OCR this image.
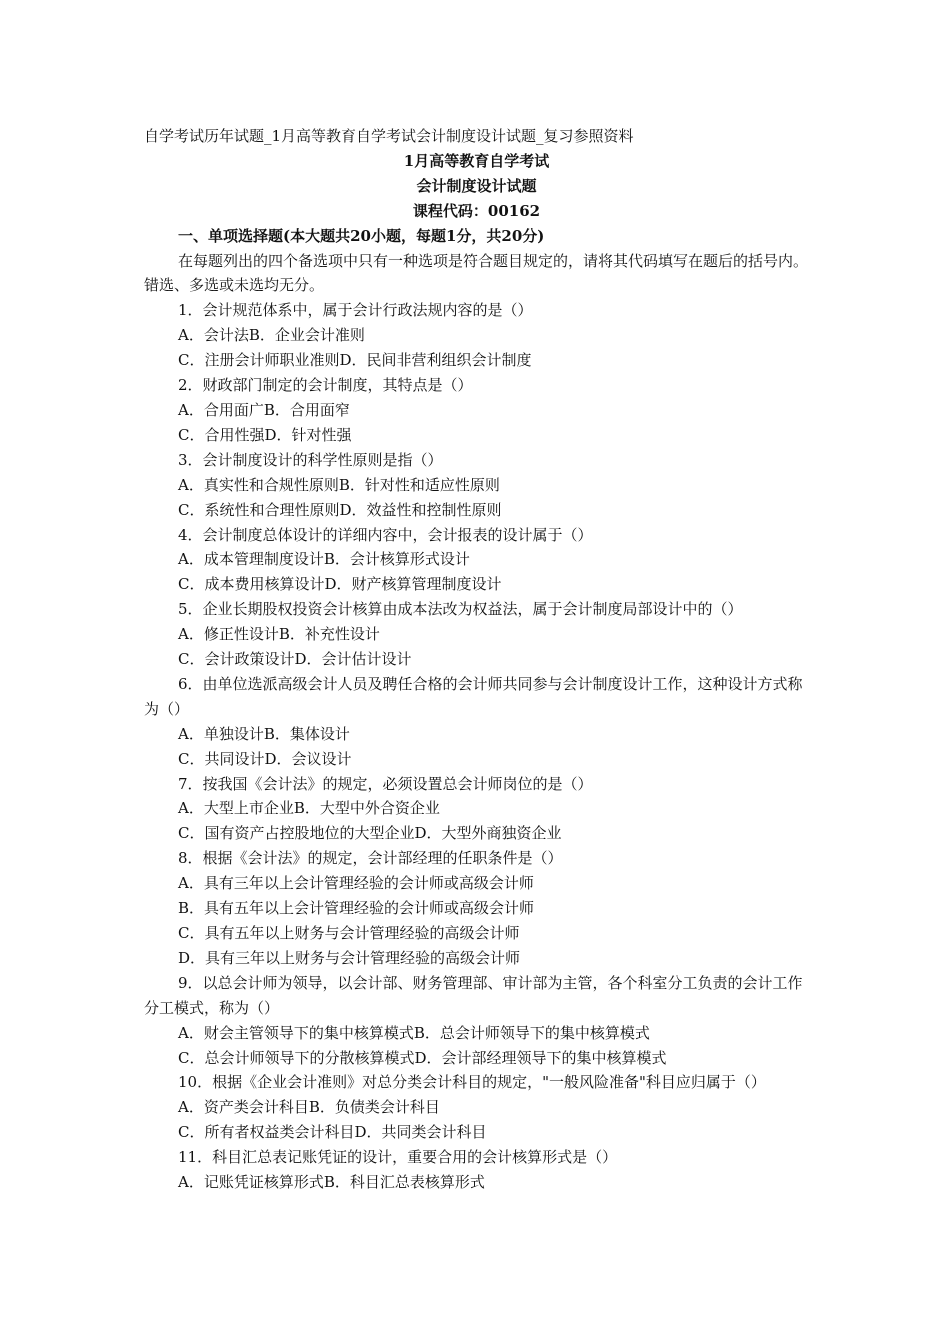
自学考试历年试题_1月高等教育自学考试会计制度设计试题_复习参照资料
1月高等教育自学考试
会计制度设计试题
课程代码：00162
一、单项选择题(本大题共20小题，每题1分，共20分)
在每题列出的四个备选项中只有一种选项是符合题目规定的，请将其代码填写在题后的括号内。错选、多选或未选均无分。
1．会计规范体系中，属于会计行政法规内容的是（）
A．会计法B．企业会计准则
C．注册会计师职业准则D．民间非营利组织会计制度
2．财政部门制定的会计制度，其特点是（）
A．合用面广B．合用面窄
C．合用性强D．针对性强
3．会计制度设计的科学性原则是指（）
A．真实性和合规性原则B．针对性和适应性原则
C．系统性和合理性原则D．效益性和控制性原则
4．会计制度总体设计的详细内容中，会计报表的设计属于（）
A．成本管理制度设计B．会计核算形式设计
C．成本费用核算设计D．财产核算管理制度设计
5．企业长期股权投资会计核算由成本法改为权益法，属于会计制度局部设计中的（）
A．修正性设计B．补充性设计
C．会计政策设计D．会计估计设计
6．由单位选派高级会计人员及聘任合格的会计师共同参与会计制度设计工作，这种设计方式称为（）
A．单独设计B．集体设计
C．共同设计D．会议设计
7．按我国《会计法》的规定，必须设置总会计师岗位的是（）
A．大型上市企业B．大型中外合资企业
C．国有资产占控股地位的大型企业D．大型外商独资企业
8．根据《会计法》的规定，会计部经理的任职条件是（）
A．具有三年以上会计管理经验的会计师或高级会计师
B．具有五年以上会计管理经验的会计师或高级会计师
C．具有五年以上财务与会计管理经验的高级会计师
D．具有三年以上财务与会计管理经验的高级会计师
9．以总会计师为领导，以会计部、财务管理部、审计部为主管，各个科室分工负责的会计工作分工模式，称为（）
A．财会主管领导下的集中核算模式B．总会计师领导下的集中核算模式
C．总会计师领导下的分散核算模式D．会计部经理领导下的集中核算模式
10．根据《企业会计准则》对总分类会计科目的规定，"一般风险准备"科目应归属于（）
A．资产类会计科目B．负债类会计科目
C．所有者权益类会计科目D．共同类会计科目
11．科目汇总表记账凭证的设计，重要合用的会计核算形式是（）
A．记账凭证核算形式B．科目汇总表核算形式
